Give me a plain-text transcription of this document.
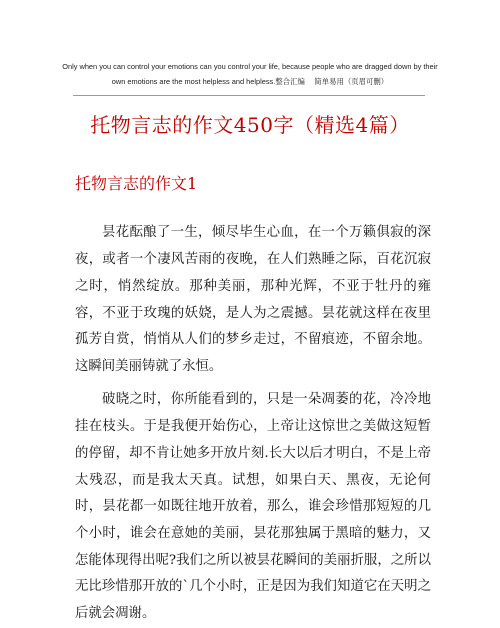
Only when you can control your emotions can you control your life, because people who are dragged down by their own emotions are the most helpless and helpless.整合汇编　 简单易用（页眉可删）
托物言志的作文450字（精选4篇）
托物言志的作文1

昙花酝酿了一生，倾尽毕生心血，在一个万籁俱寂的深夜，或者一个凄风苦雨的夜晚，在人们熟睡之际，百花沉寂之时，悄然绽放。那种美丽，那种光辉，不亚于牡丹的雍容，不亚于玫瑰的妖娆，是人为之震撼。昙花就这样在夜里孤芳自赏，悄悄从人们的梦乡走过，不留痕迹，不留余地。这瞬间美丽铸就了永恒。

破晓之时，你所能看到的，只是一朵凋萎的花，冷冷地挂在枝头。于是我便开始伤心，上帝让这惊世之美做这短暂的停留，却不肯让她多开放片刻.长大以后才明白，不是上帝太残忍，而是我太天真。试想，如果白天、黑夜，无论何时，昙花都一如既往地开放着，那么，谁会珍惜那短短的几个小时，谁会在意她的美丽，昙花那独属于黑暗的魅力，又怎能体现得出呢?我们之所以被昙花瞬间的美丽折服，之所以无比珍惜那开放的`几个小时，正是因为我们知道它在天明之后就会凋谢。
